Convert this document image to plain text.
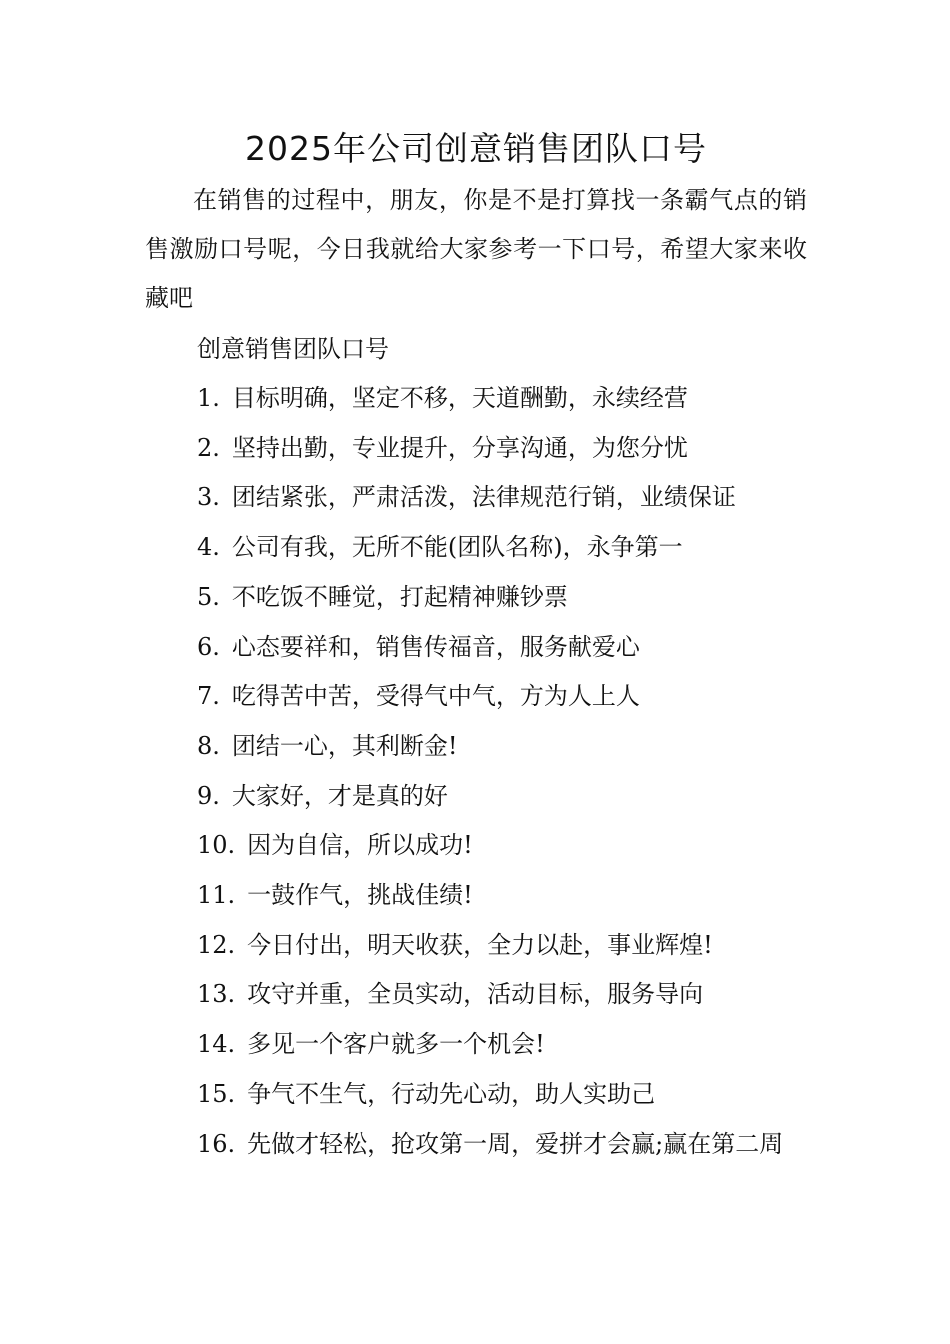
2025年公司创意销售团队口号

在销售的过程中，朋友，你是不是打算找一条霸气点的销售激励口号呢，今日我就给大家参考一下口号，希望大家来收藏吧

创意销售团队口号

1. 目标明确，坚定不移，天道酬勤，永续经营
2. 坚持出勤，专业提升，分享沟通，为您分忧
3. 团结紧张，严肃活泼，法律规范行销，业绩保证
4. 公司有我，无所不能(团队名称)，永争第一
5. 不吃饭不睡觉，打起精神赚钞票
6. 心态要祥和，销售传福音，服务献爱心
7. 吃得苦中苦，受得气中气，方为人上人
8. 团结一心，其利断金!
9. 大家好，才是真的好
10. 因为自信，所以成功!
11. 一鼓作气，挑战佳绩!
12. 今日付出，明天收获，全力以赴，事业辉煌!
13. 攻守并重，全员实动，活动目标，服务导向
14. 多见一个客户就多一个机会!
15. 争气不生气，行动先心动，助人实助己
16. 先做才轻松，抢攻第一周，爱拼才会赢;赢在第二周
